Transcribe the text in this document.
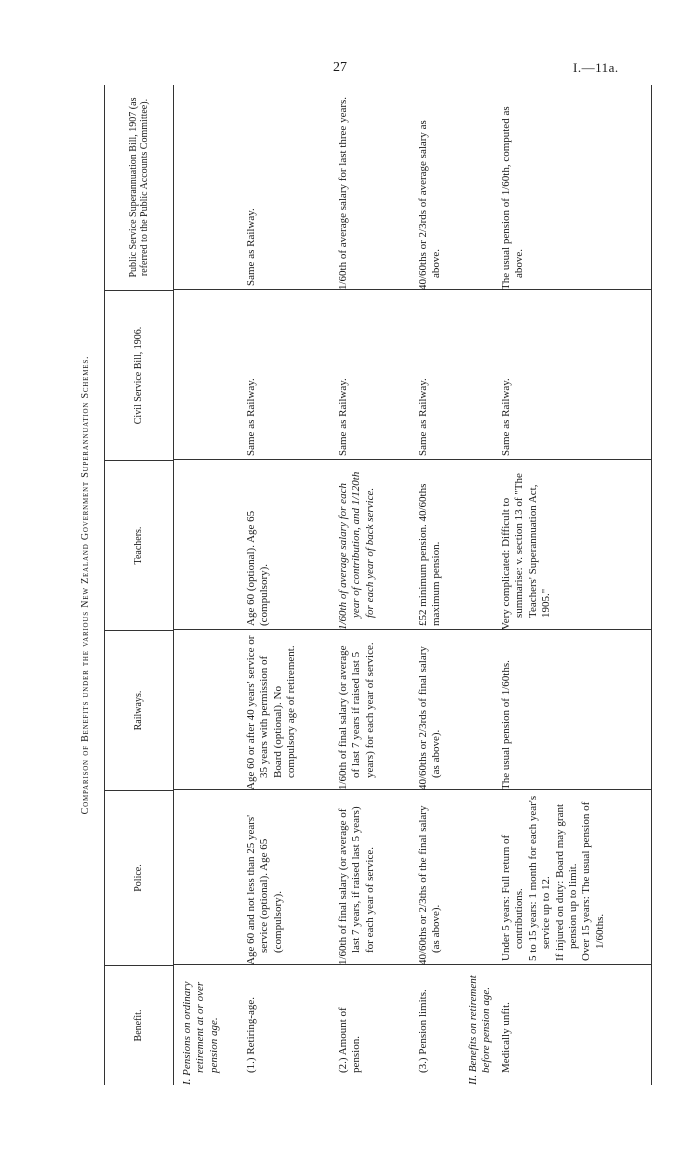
27	I.—11a.
Comparison of Benefits under the various New Zealand Government Superannuation Schemes.
Benefit.
Police.
Railways.
Teachers.
Civil Service Bill, 1906.
Public Service Superannuation Bill, 1907 (as referred to the Public Accounts Committee).
I. Pensions on ordinary retirement at or over pension age. (1.) Retiring-age.
Age 60 and not less than 25 years' service (optional). Age 65 (compulsory).
Age 60 or after 40 years' service or 35 years with permission of Board (optional). No compulsory age of retirement.
Age 60 (optional). Age 65 (compulsory).
Same as Railway.
Same as Railway.
(2.) Amount of pension.
1/60th of final salary (or average of last 7 years, if raised last 5 years) for each year of service.
1/60th of final salary (or average of last 7 years if raised last 5 years) for each year of service.
1/60th of average salary for each year of contribution, and 1/120th for each year of back service.
Same as Railway.
1/60th of average salary for last three years.
(3.) Pension limits.
40/60ths or 2/3ths of the final salary (as above).
40/60ths or 2/3rds of final salary (as above).
£52 minimum pension. 40/60ths maximum pension.
Same as Railway.
40/60ths or 2/3rds of average salary as above.
II. Benefits on retirement before pension age. Medically unfit.
Under 5 years: Full return of contributions. 5 to 15 years: 1 month for each year's service up to 12. If injured on duty: Board may grant pension up to limit. Over 15 years: The usual pension of 1/60ths.
The usual pension of 1/60ths.
Very complicated: Difficult to summarise: v. section 13 of "The Teachers' Superannuation Act, 1905."
Same as Railway.
The usual pension of 1/60th, computed as above.
